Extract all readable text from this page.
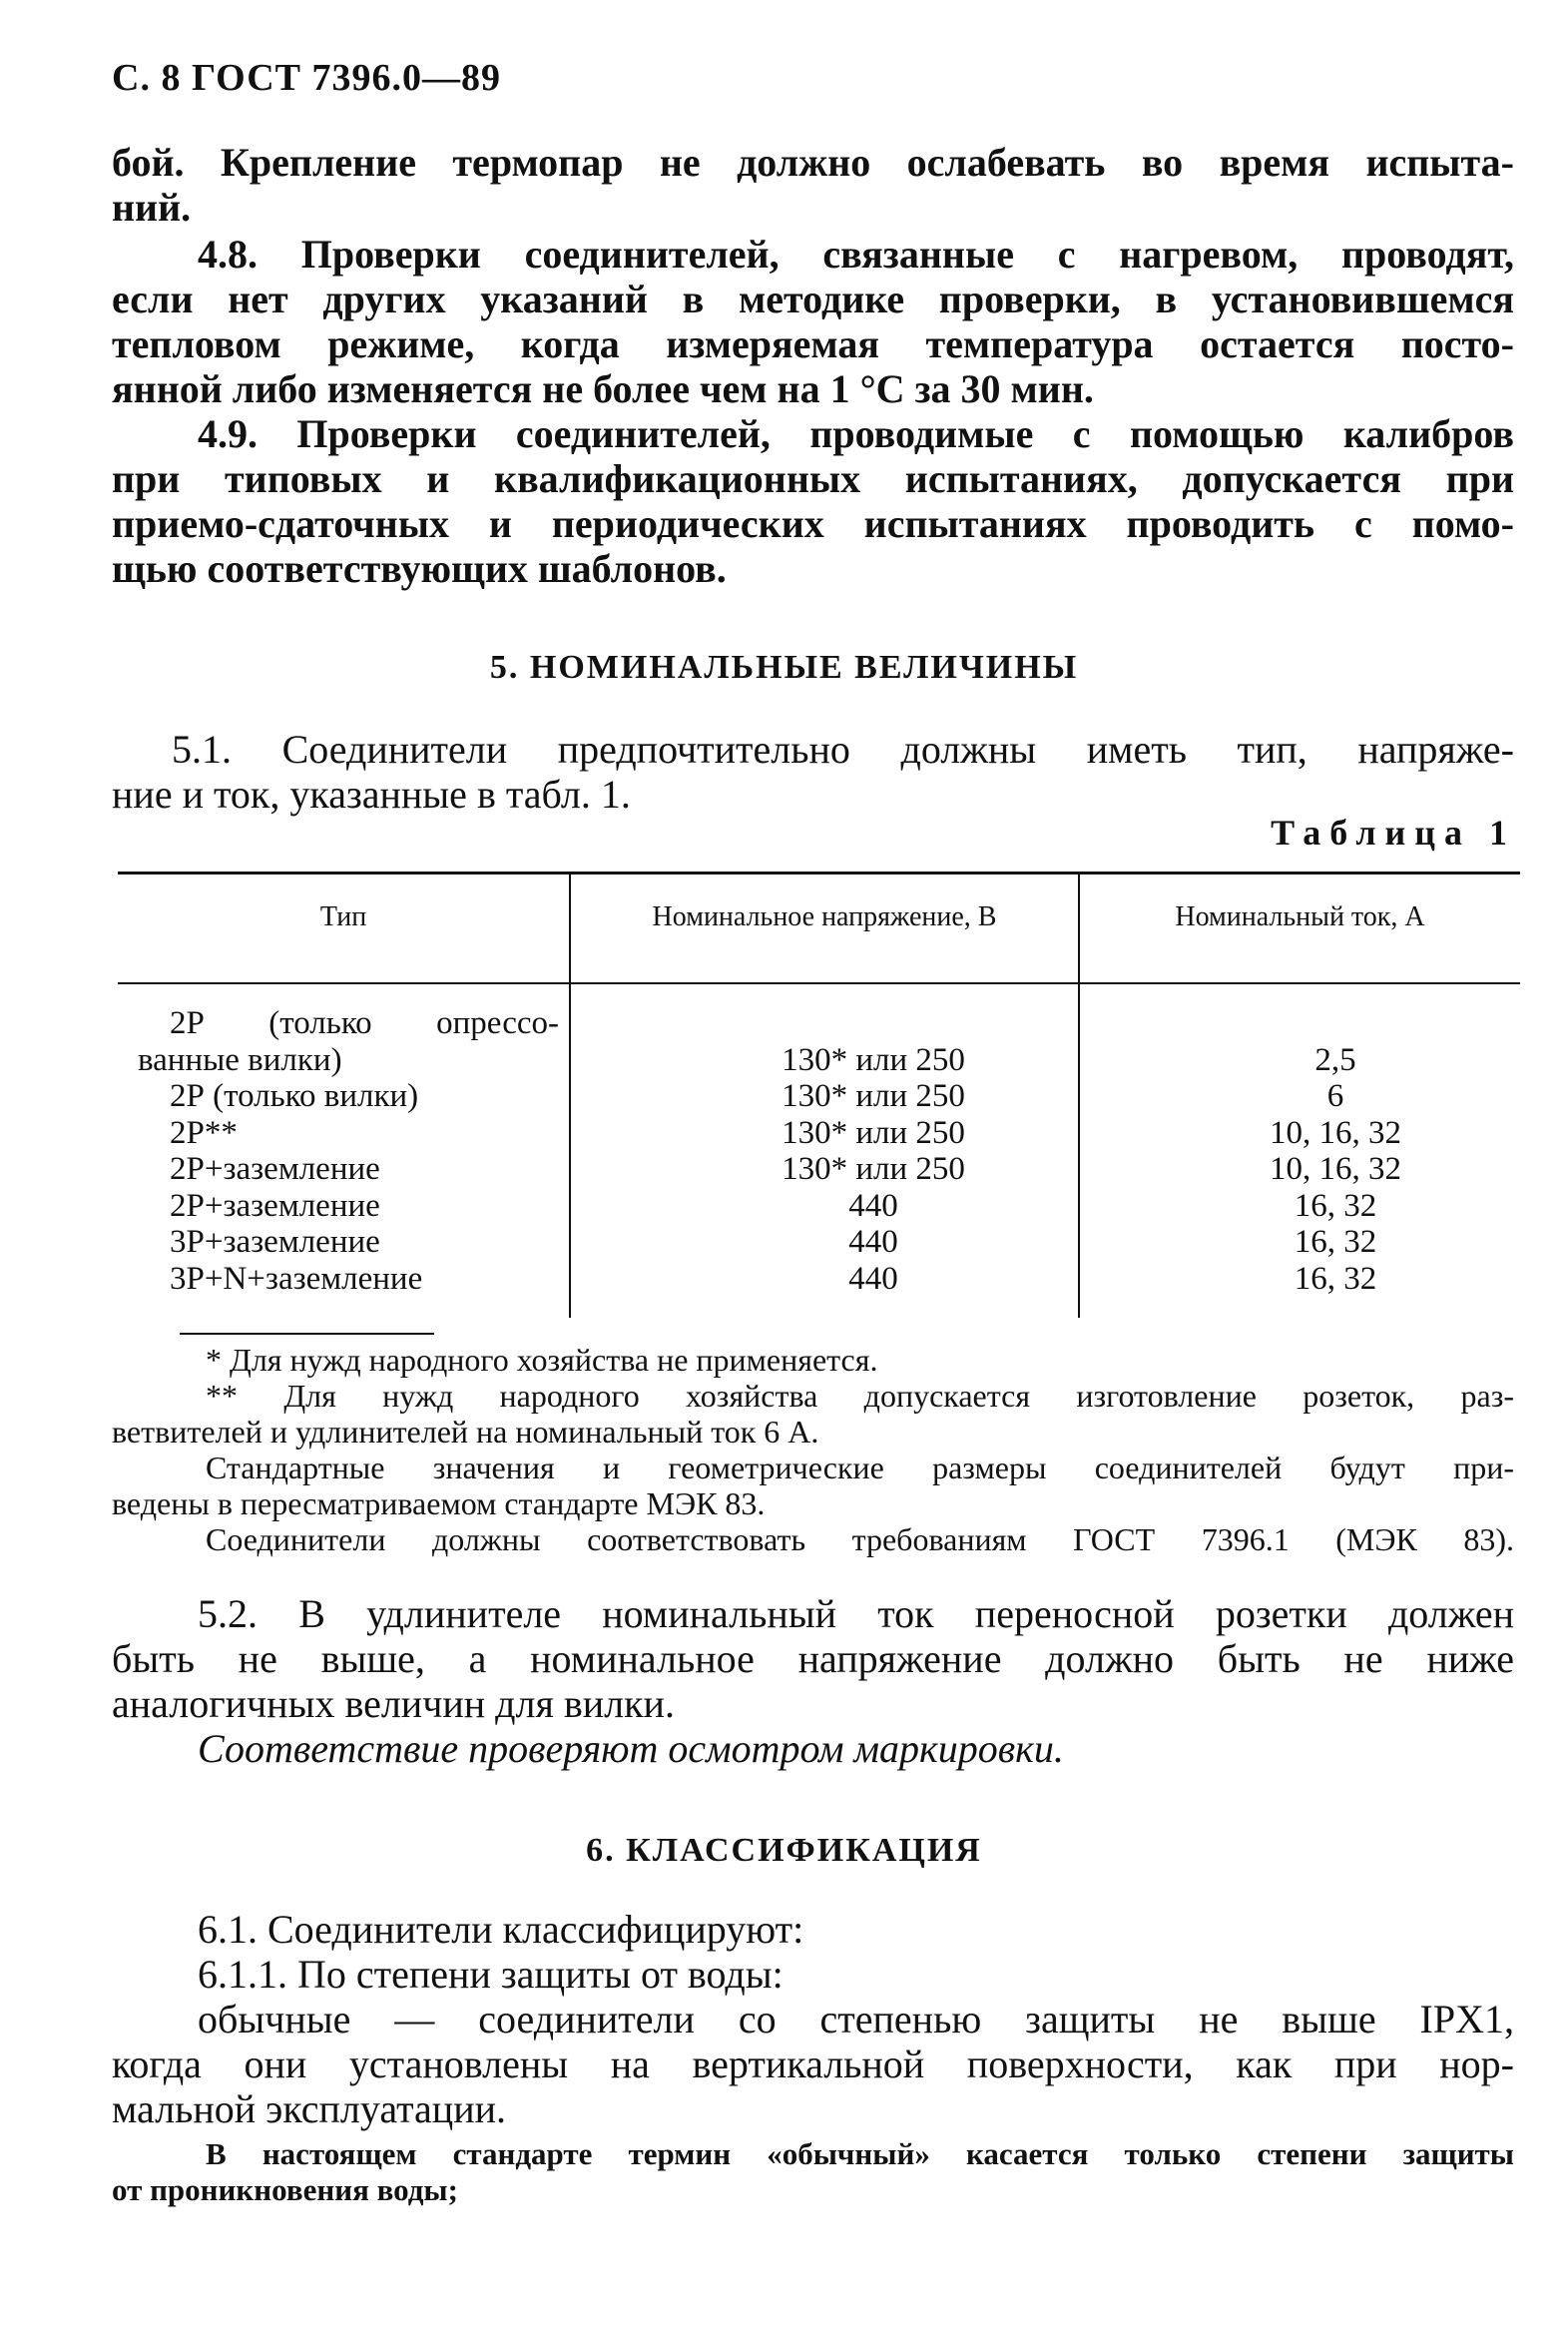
С. 8 ГОСТ 7396.0—89
бой. Крепление термопар не должно ослабевать во время испыта-
ний.
4.8. Проверки соединителей, связанные с нагревом, проводят,
если нет других указаний в методике проверки, в установившемся
тепловом режиме, когда измеряемая температура остается посто-
янной либо изменяется не более чем на 1 °С за 30 мин.
4.9. Проверки соединителей, проводимые с помощью калибров
при типовых и квалификационных испытаниях, допускается при
приемо-сдаточных и периодических испытаниях проводить с помо-
щью соответствующих шаблонов.
5. НОМИНАЛЬНЫЕ ВЕЛИЧИНЫ
5.1. Соединители предпочтительно должны иметь тип, напряже-
ние и ток, указанные в табл. 1.
Таблица 1
Тип	Номинальное напряжение, В	Номинальный ток, А
2Р (только опрессо-
ванные вилки)	130* или 250	2,5
2Р (только вилки)	130* или 250	6
2Р**	130* или 250	10, 16, 32
2Р+заземление	130* или 250	10, 16, 32
2Р+заземление	440	16, 32
3Р+заземление	440	16, 32
3Р+N+заземление	440	16, 32
* Для нужд народного хозяйства не применяется.
** Для нужд народного хозяйства допускается изготовление розеток, раз-
ветвителей и удлинителей на номинальный ток 6 А.
Стандартные значения и геометрические размеры соединителей будут при-
ведены в пересматриваемом стандарте МЭК 83.
Соединители должны соответствовать требованиям ГОСТ 7396.1 (МЭК 83).
5.2. В удлинителе номинальный ток переносной розетки должен
быть не выше, а номинальное напряжение должно быть не ниже
аналогичных величин для вилки.
Соответствие проверяют осмотром маркировки.
6. КЛАССИФИКАЦИЯ
6.1. Соединители классифицируют:
6.1.1. По степени защиты от воды:
обычные — соединители со степенью защиты не выше IPX1,
когда они установлены на вертикальной поверхности, как при нор-
мальной эксплуатации.
В настоящем стандарте термин «обычный» касается только степени защиты
от проникновения воды;
